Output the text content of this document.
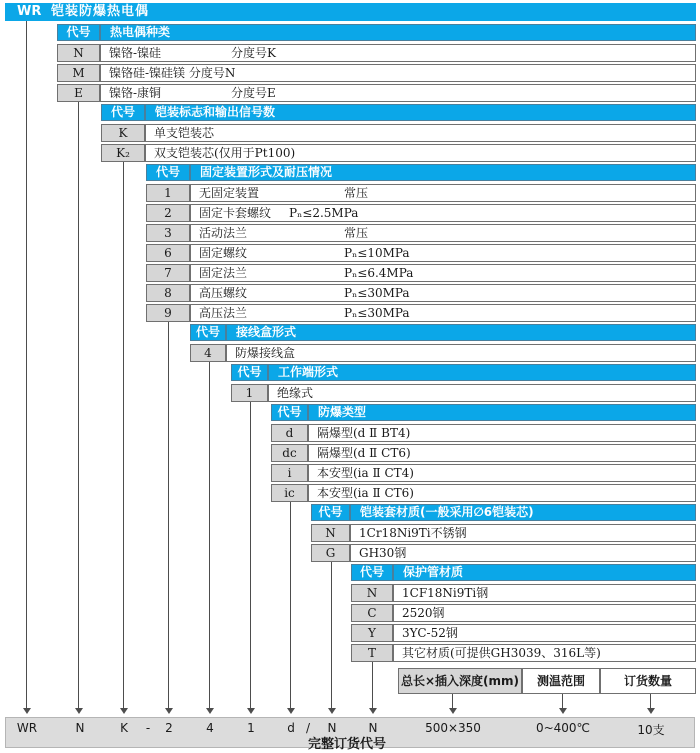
WR 铠装防爆热电偶
代号	热电偶种类
N	镍铬-镍硅	分度号K
M	镍铬硅-镍硅镁 分度号N
E	镍铬-康铜	分度号E
代号	铠装标志和输出信号数
K	单支铠装芯
K₂	双支铠装芯(仅用于Pt100)
代号	固定装置形式及耐压情况
1	无固定装置	常压
2	固定卡套螺纹 Pₙ≤2.5MPa
3	活动法兰	常压
6	固定螺纹	Pₙ≤10MPa
7	固定法兰	Pₙ≤6.4MPa
8	高压螺纹	Pₙ≤30MPa
9	高压法兰	Pₙ≤30MPa
代号	接线盒形式
4	防爆接线盒
代号	工作端形式
1	绝缘式
代号	防爆类型
d	隔爆型(d Ⅱ BT4)
dc	隔爆型(d Ⅱ CT6)
i	本安型(ia Ⅱ CT4)
ic	本安型(ia Ⅱ CT6)
代号	铠装套材质(一般采用∅6铠装芯)
N	1Cr18Ni9Ti不锈钢
G	GH30钢
代号	保护管材质
N	1CF18Ni9Ti钢
C	2520钢
Y	3YC-52钢
T	其它材质(可提供GH3039、316L等)
总长×插入深度(mm)	测温范围	订货数量
WR	N	K - 2	4	1	d / N	N	500×350	0~400℃	10支
完整订货代号
